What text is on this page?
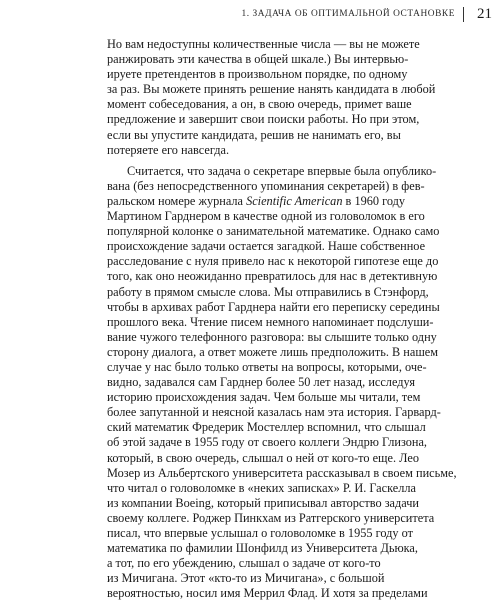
1. ЗАДАЧА ОБ ОПТИМАЛЬНОЙ ОСТАНОВКЕ	21
Но вам недоступны количественные числа — вы не можете
ранжировать эти качества в общей шкале.) Вы интервью-
ируете претендентов в произвольном порядке, по одному
за раз. Вы можете принять решение нанять кандидата в любой
момент собеседования, а он, в свою очередь, примет ваше
предложение и завершит свои поиски работы. Но при этом,
если вы упустите кандидата, решив не нанимать его, вы
потеряете его навсегда.
Считается, что задача о секретаре впервые была опублико-
вана (без непосредственного упоминания секретарей) в фев-
ральском номере журнала Scientific American в 1960 году
Мартином Гарднером в качестве одной из головоломок в его
популярной колонке о занимательной математике. Однако само
происхождение задачи остается загадкой. Наше собственное
расследование с нуля привело нас к некоторой гипотезе еще до
того, как оно неожиданно превратилось для нас в детективную
работу в прямом смысле слова. Мы отправились в Стэнфорд,
чтобы в архивах работ Гарднера найти его переписку середины
прошлого века. Чтение писем немного напоминает подслуши-
вание чужого телефонного разговора: вы слышите только одну
сторону диалога, а ответ можете лишь предположить. В нашем
случае у нас было только ответы на вопросы, которыми, оче-
видно, задавался сам Гарднер более 50 лет назад, исследуя
историю происхождения задач. Чем больше мы читали, тем
более запутанной и неясной казалась нам эта история. Гарвард-
ский математик Фредерик Мостеллер вспомнил, что слышал
об этой задаче в 1955 году от своего коллеги Эндрю Глизона,
который, в свою очередь, слышал о ней от кого-то еще. Лео
Мозер из Альбертского университета рассказывал в своем письме,
что читал о головоломке в «неких записках» Р. И. Гаскелла
из компании Boeing, который приписывал авторство задачи
своему коллеге. Роджер Пинкхам из Ратгерского университета
писал, что впервые услышал о головоломке в 1955 году от
математика по фамилии Шонфилд из Университета Дьюка,
а тот, по его убеждению, слышал о задаче от кого-то
из Мичигана. Этот «кто-то из Мичигана», с большой
вероятностью, носил имя Меррил Флад. И хотя за пределами
